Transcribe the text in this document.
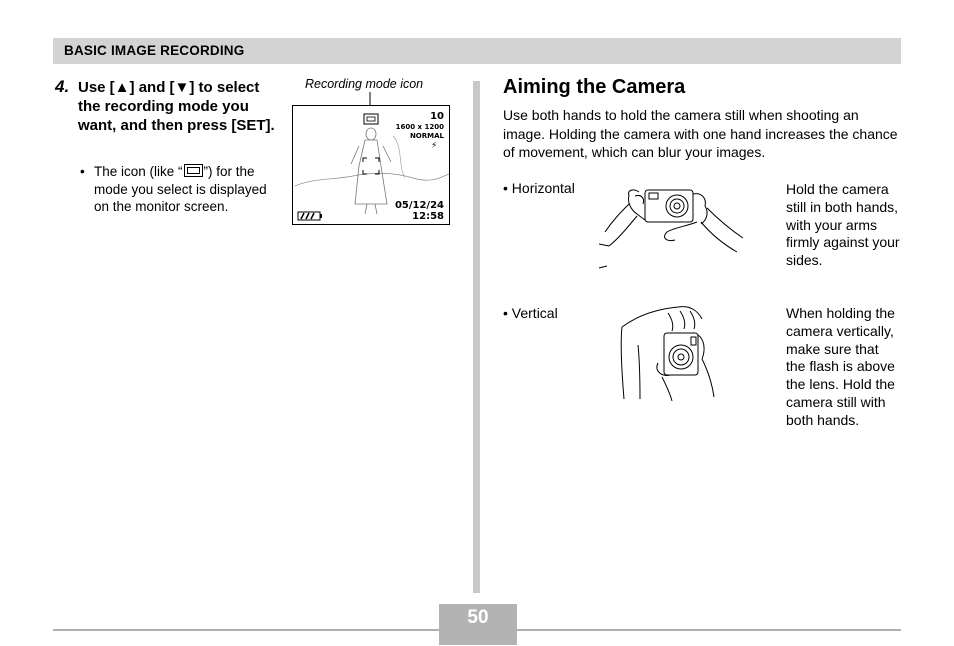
BASIC IMAGE RECORDING
4. Use [▲] and [▼] to select the recording mode you want, and then press [SET].
• The icon (like “ ”) for the mode you select is displayed on the monitor screen.
Recording mode icon
⚡
10
1600 x 1200
NORMAL
05/12/24
12:58
Aiming the Camera
Use both hands to hold the camera still when shooting an image. Holding the camera with one hand increases the chance of movement, which can blur your images.
• Horizontal	Hold the camera still in both hands, with your arms firmly against your sides.
• Vertical	When holding the camera vertically, make sure that the flash is above the lens. Hold the camera still with both hands.
50
